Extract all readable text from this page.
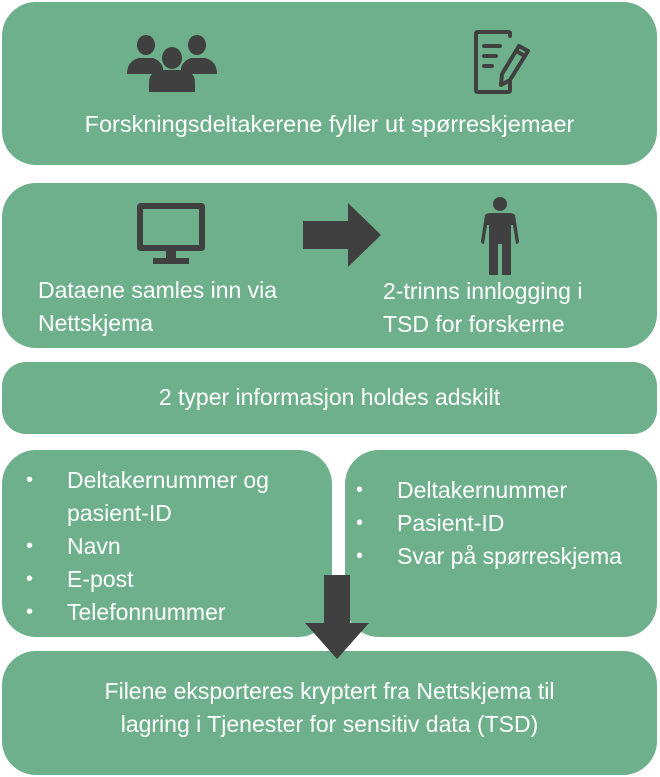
Forskningsdeltakerene fyller ut spørreskjemaer
Dataene samles inn via
Nettskjema
2-trinns innlogging i
TSD for forskerne
2 typer informasjon holdes adskilt
• Deltakernummer og
pasient-ID
• Navn
• E-post
• Telefonnummer
• Deltakernummer
• Pasient-ID
• Svar på spørreskjema
Filene eksporteres kryptert fra Nettskjema til
lagring i Tjenester for sensitiv data (TSD)
